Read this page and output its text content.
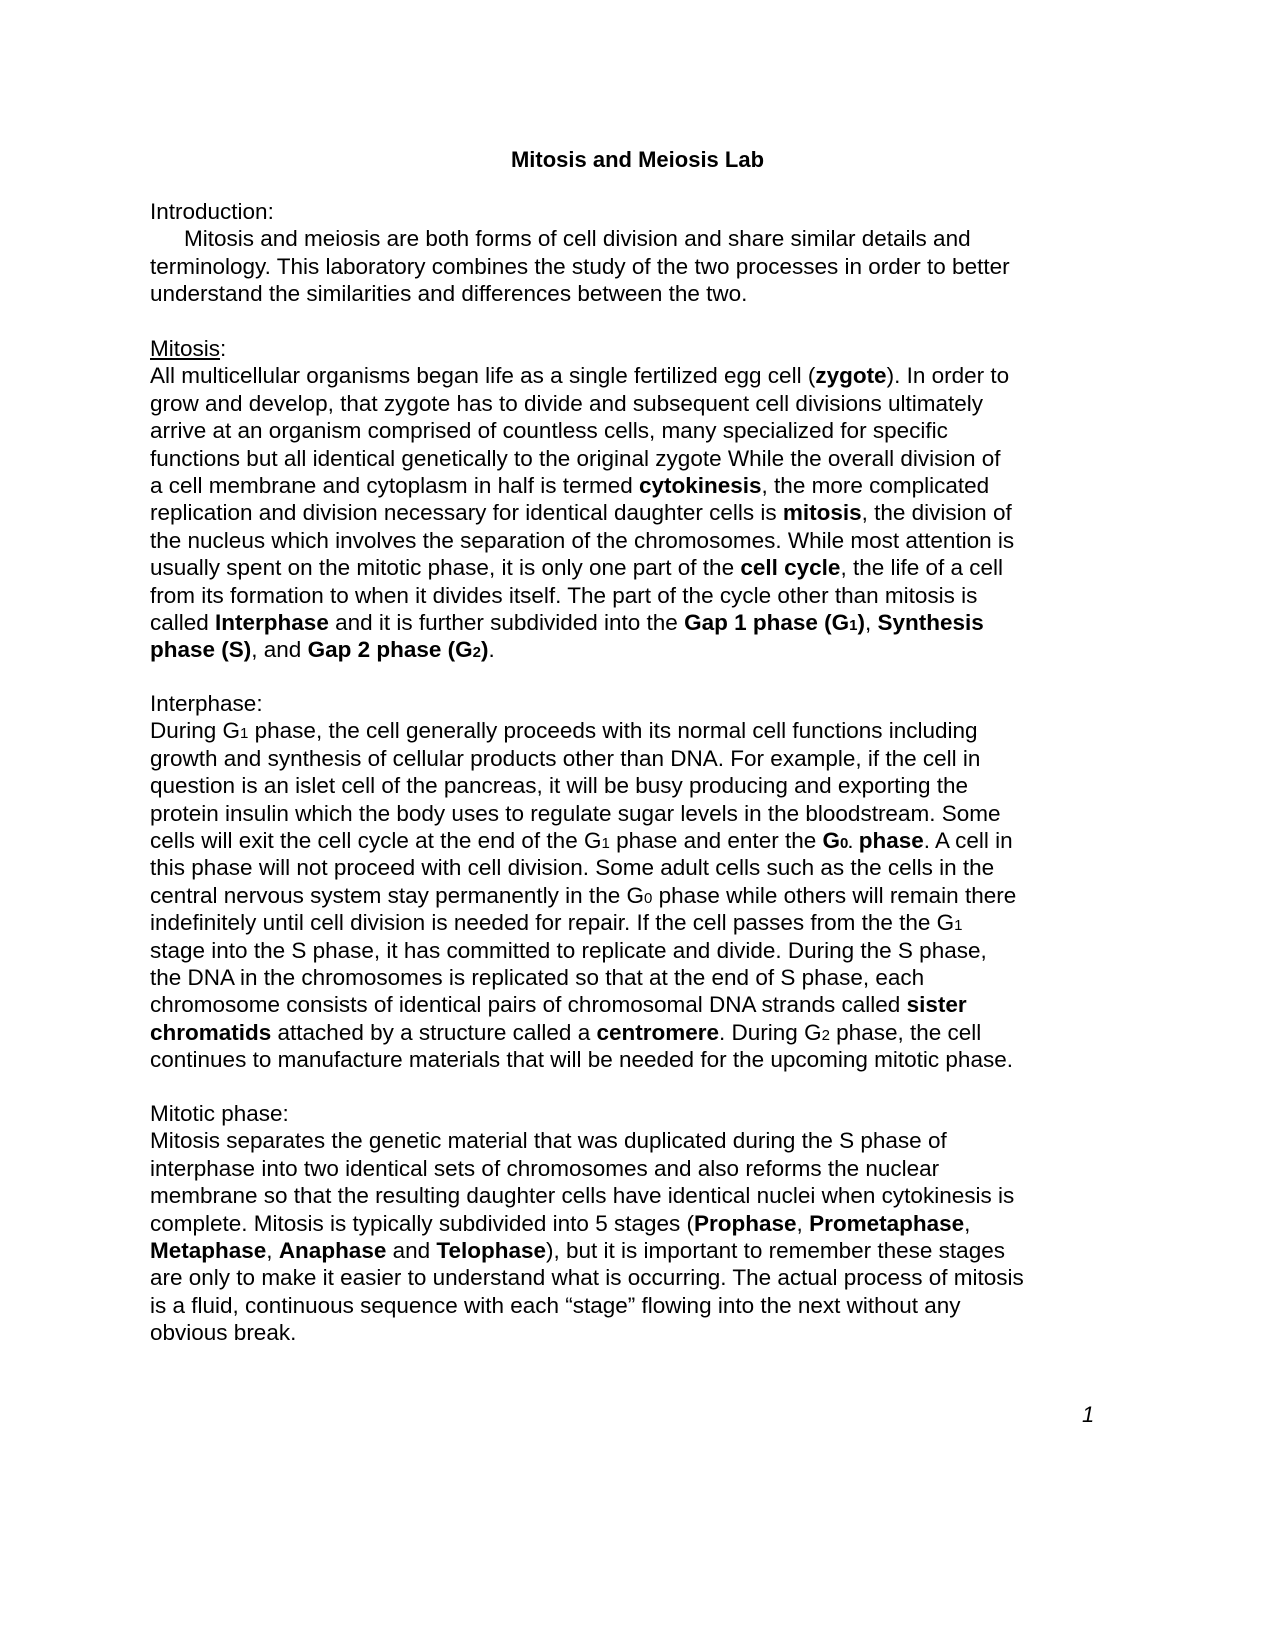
Mitosis and Meiosis Lab
Introduction:
Mitosis and meiosis are both forms of cell division and share similar details and
terminology. This laboratory combines the study of the two processes in order to better
understand the similarities and differences between the two.
Mitosis:
All multicellular organisms began life as a single fertilized egg cell (zygote). In order to
grow and develop, that zygote has to divide and subsequent cell divisions ultimately
arrive at an organism comprised of countless cells, many specialized for specific
functions but all identical genetically to the original zygote While the overall division of
a cell membrane and cytoplasm in half is termed cytokinesis, the more complicated
replication and division necessary for identical daughter cells is mitosis, the division of
the nucleus which involves the separation of the chromosomes. While most attention is
usually spent on the mitotic phase, it is only one part of the cell cycle, the life of a cell
from its formation to when it divides itself. The part of the cycle other than mitosis is
called Interphase and it is further subdivided into the Gap 1 phase (G1), Synthesis
phase (S), and Gap 2 phase (G2).
Interphase:
During G1 phase, the cell generally proceeds with its normal cell functions including
growth and synthesis of cellular products other than DNA. For example, if the cell in
question is an islet cell of the pancreas, it will be busy producing and exporting the
protein insulin which the body uses to regulate sugar levels in the bloodstream. Some
cells will exit the cell cycle at the end of the G1 phase and enter the G0. phase. A cell in
this phase will not proceed with cell division. Some adult cells such as the cells in the
central nervous system stay permanently in the G0 phase while others will remain there
indefinitely until cell division is needed for repair. If the cell passes from the the G1
stage into the S phase, it has committed to replicate and divide. During the S phase,
the DNA in the chromosomes is replicated so that at the end of S phase, each
chromosome consists of identical pairs of chromosomal DNA strands called sister
chromatids attached by a structure called a centromere. During G2 phase, the cell
continues to manufacture materials that will be needed for the upcoming mitotic phase.
Mitotic phase:
Mitosis separates the genetic material that was duplicated during the S phase of
interphase into two identical sets of chromosomes and also reforms the nuclear
membrane so that the resulting daughter cells have identical nuclei when cytokinesis is
complete. Mitosis is typically subdivided into 5 stages (Prophase, Prometaphase,
Metaphase, Anaphase and Telophase), but it is important to remember these stages
are only to make it easier to understand what is occurring. The actual process of mitosis
is a fluid, continuous sequence with each “stage” flowing into the next without any
obvious break.
1
